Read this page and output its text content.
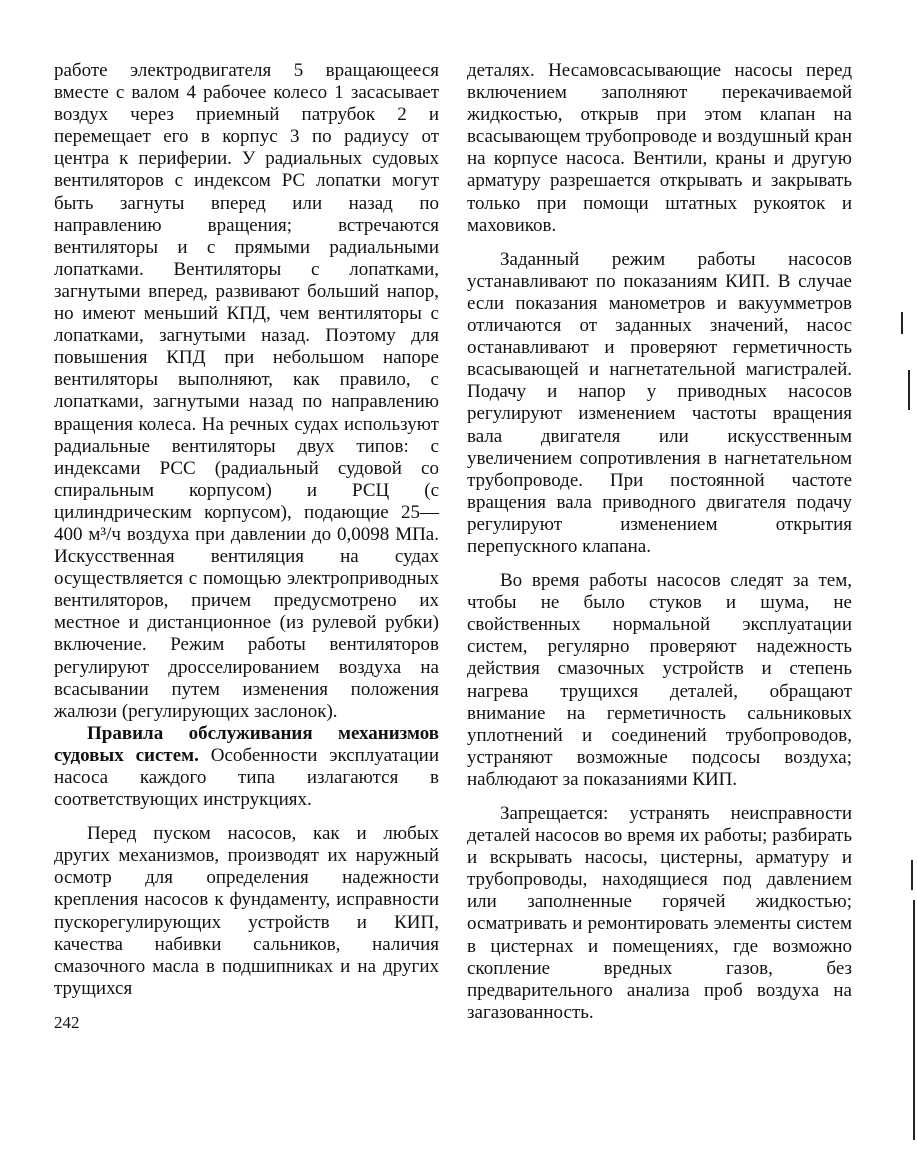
работе электродвигателя 5 вращающееся вместе с валом 4 рабочее колесо 1 засасывает воздух через приемный патрубок 2 и перемещает его в корпус 3 по радиусу от центра к периферии. У радиальных судовых вентиляторов с индексом РС лопатки могут быть загнуты вперед или назад по направлению вращения; встречаются вентиляторы и с прямыми радиальными лопатками. Вентиляторы с лопатками, загнутыми вперед, развивают больший напор, но имеют меньший КПД, чем вентиляторы с лопатками, загнутыми назад. Поэтому для повышения КПД при небольшом напоре вентиляторы выполняют, как правило, с лопатками, загнутыми назад по направлению вращения колеса. На речных судах используют радиальные вентиляторы двух типов: с индексами РСС (радиальный судовой со спиральным корпусом) и РСЦ (с цилиндрическим корпусом), подающие 25—400 м³/ч воздуха при давлении до 0,0098 МПа. Искусственная вентиляция на судах осуществляется с помощью электроприводных вентиляторов, причем предусмотрено их местное и дистанционное (из рулевой рубки) включение. Режим работы вентиляторов регулируют дросселированием воздуха на всасывании путем изменения положения жалюзи (регулирующих заслонок).

Правила обслуживания механизмов судовых систем. Особенности эксплуатации насоса каждого типа излагаются в соответствующих инструкциях.

Перед пуском насосов, как и любых других механизмов, производят их наружный осмотр для определения надежности крепления насосов к фундаменту, исправности пускорегулирующих устройств и КИП, качества набивки сальников, наличия смазочного масла в подшипниках и на других трущихся

деталях. Несамовсасывающие насосы перед включением заполняют перекачиваемой жидкостью, открыв при этом клапан на всасывающем трубопроводе и воздушный кран на корпусе насоса. Вентили, краны и другую арматуру разрешается открывать и закрывать только при помощи штатных рукояток и маховиков.

Заданный режим работы насосов устанавливают по показаниям КИП. В случае если показания манометров и вакуумметров отличаются от заданных значений, насос останавливают и проверяют герметичность всасывающей и нагнетательной магистралей. Подачу и напор у приводных насосов регулируют изменением частоты вращения вала двигателя или искусственным увеличением сопротивления в нагнетательном трубопроводе. При постоянной частоте вращения вала приводного двигателя подачу регулируют изменением открытия перепускного клапана.

Во время работы насосов следят за тем, чтобы не было стуков и шума, не свойственных нормальной эксплуатации систем, регулярно проверяют надежность действия смазочных устройств и степень нагрева трущихся деталей, обращают внимание на герметичность сальниковых уплотнений и соединений трубопроводов, устраняют возможные подсосы воздуха; наблюдают за показаниями КИП.

Запрещается: устранять неисправности деталей насосов во время их работы; разбирать и вскрывать насосы, цистерны, арматуру и трубопроводы, находящиеся под давлением или заполненные горячей жидкостью; осматривать и ремонтировать элементы систем в цистернах и помещениях, где возможно скопление вредных газов, без предварительного анализа проб воздуха на загазованность.

242
